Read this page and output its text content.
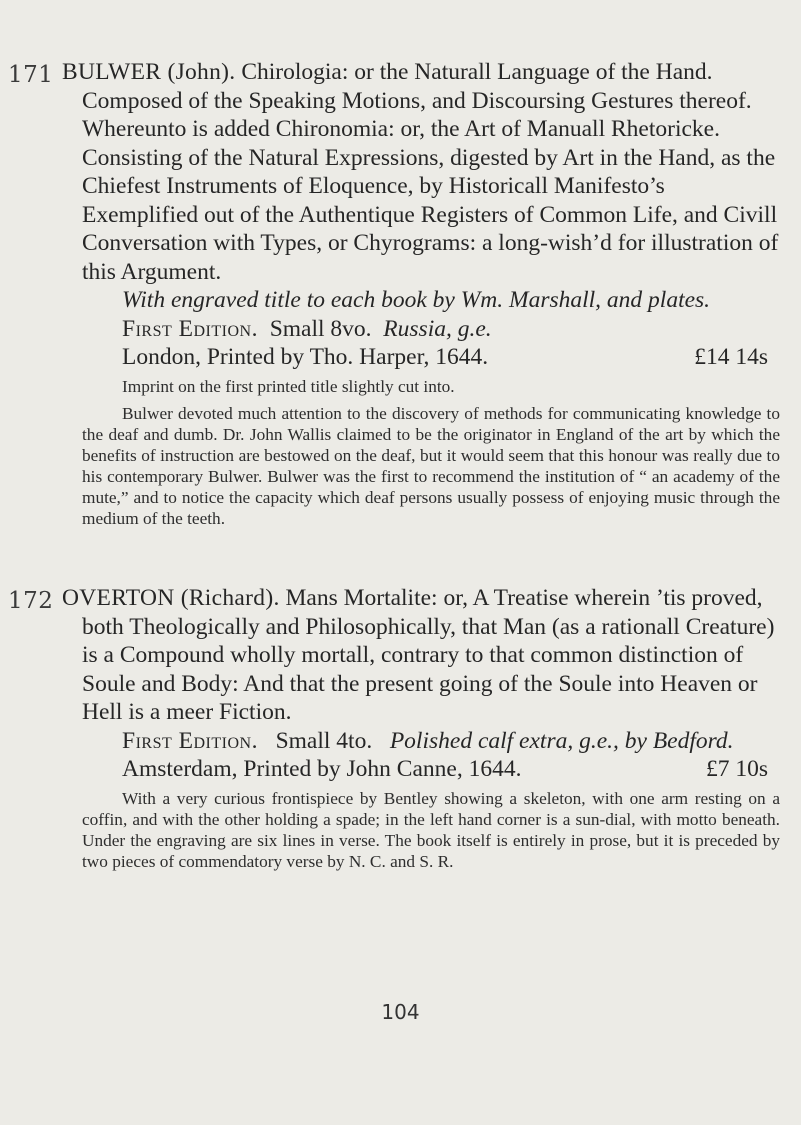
171 BULWER (John). Chirologia: or the Naturall Language of the Hand. Composed of the Speaking Motions, and Discoursing Gestures thereof. Whereunto is added Chironomia: or, the Art of Manuall Rhetoricke. Consisting of the Natural Expressions, digested by Art in the Hand, as the Chiefest Instruments of Eloquence, by Historicall Manifesto’s Exemplified out of the Authentique Registers of Common Life, and Civill Conversation with Types, or Chyrograms: a long-wish’d for illustration of this Argument.

With engraved title to each book by Wm. Marshall, and plates.

First Edition. Small 8vo. Russia, g.e.
London, Printed by Tho. Harper, 1644.	£14 14s

Imprint on the first printed title slightly cut into.

Bulwer devoted much attention to the discovery of methods for communicating knowledge to the deaf and dumb. Dr. John Wallis claimed to be the originator in England of the art by which the benefits of instruction are bestowed on the deaf, but it would seem that this honour was really due to his contemporary Bulwer. Bulwer was the first to recommend the institution of “ an academy of the mute,” and to notice the capacity which deaf persons usually possess of enjoying music through the medium of the teeth.

172 OVERTON (Richard). Mans Mortalite: or, A Treatise wherein ’tis proved, both Theologically and Philosophically, that Man (as a rationall Creature) is a Compound wholly mortall, contrary to that common distinction of Soule and Body: And that the present going of the Soule into Heaven or Hell is a meer Fiction.

First Edition. Small 4to. Polished calf extra, g.e., by Bedford.
Amsterdam, Printed by John Canne, 1644.	£7 10s

With a very curious frontispiece by Bentley showing a skeleton, with one arm resting on a coffin, and with the other holding a spade; in the left hand corner is a sun-dial, with motto beneath. Under the engraving are six lines in verse. The book itself is entirely in prose, but it is preceded by two pieces of commendatory verse by N. C. and S. R.

104
